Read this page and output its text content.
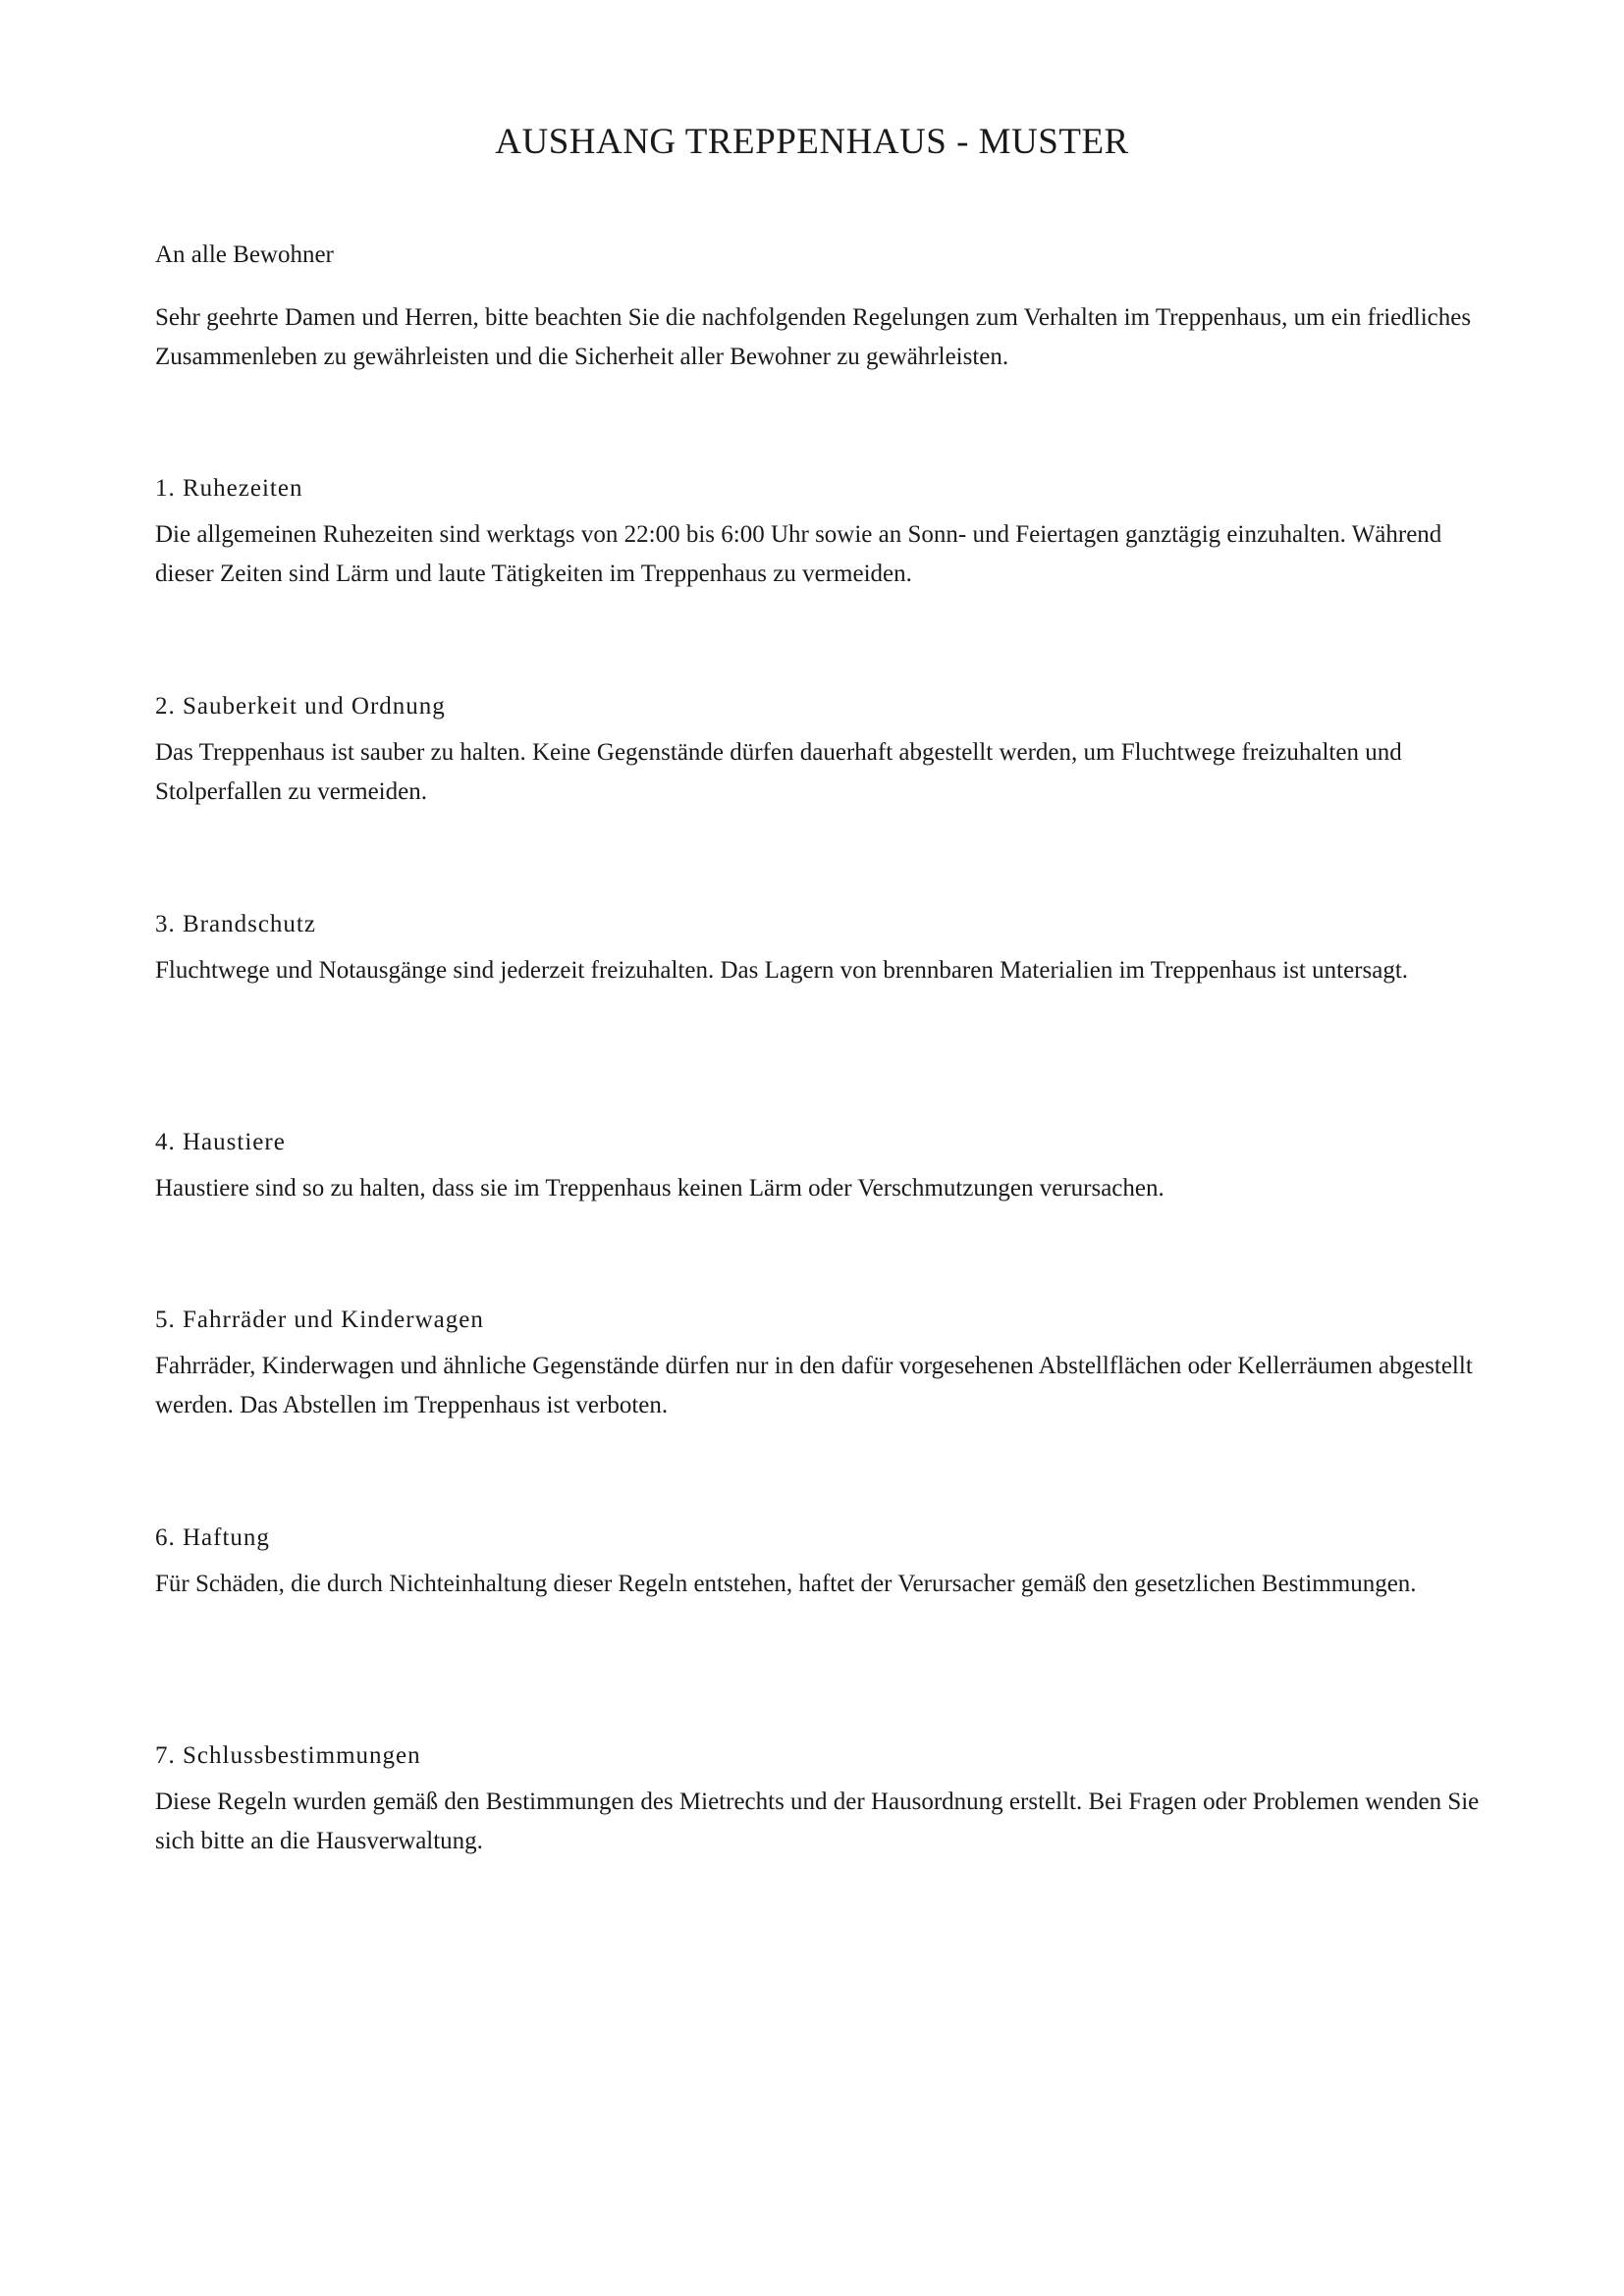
AUSHANG TREPPENHAUS - MUSTER

An alle Bewohner

Sehr geehrte Damen und Herren, bitte beachten Sie die nachfolgenden Regelungen zum Verhalten im Treppenhaus, um ein friedliches Zusammenleben zu gewährleisten und die Sicherheit aller Bewohner zu gewährleisten.

1. Ruhezeiten

Die allgemeinen Ruhezeiten sind werktags von 22:00 bis 6:00 Uhr sowie an Sonn- und Feiertagen ganztägig einzuhalten. Während dieser Zeiten sind Lärm und laute Tätigkeiten im Treppenhaus zu vermeiden.

2. Sauberkeit und Ordnung

Das Treppenhaus ist sauber zu halten. Keine Gegenstände dürfen dauerhaft abgestellt werden, um Fluchtwege freizuhalten und Stolperfallen zu vermeiden.

3. Brandschutz

Fluchtwege und Notausgänge sind jederzeit freizuhalten. Das Lagern von brennbaren Materialien im Treppenhaus ist untersagt.

4. Haustiere

Haustiere sind so zu halten, dass sie im Treppenhaus keinen Lärm oder Verschmutzungen verursachen.

5. Fahrräder und Kinderwagen

Fahrräder, Kinderwagen und ähnliche Gegenstände dürfen nur in den dafür vorgesehenen Abstellflächen oder Kellerräumen abgestellt werden. Das Abstellen im Treppenhaus ist verboten.

6. Haftung

Für Schäden, die durch Nichteinhaltung dieser Regeln entstehen, haftet der Verursacher gemäß den gesetzlichen Bestimmungen.

7. Schlussbestimmungen

Diese Regeln wurden gemäß den Bestimmungen des Mietrechts und der Hausordnung erstellt. Bei Fragen oder Problemen wenden Sie sich bitte an die Hausverwaltung.
